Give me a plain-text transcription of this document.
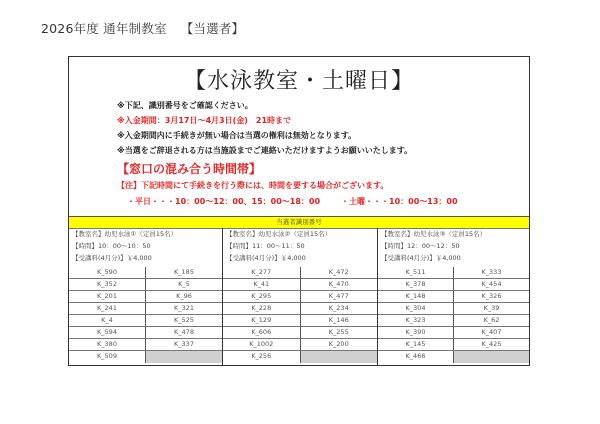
2026年度 通年制教室 【当選者】
【水泳教室・土曜日】
※下記、識別番号をご確認ください。
※入金期間：3月17日～4月3日(金)　21時まで
※入金期間内に手続きが無い場合は当選の権利は無効となります。
※当選をご辞退される方は当施設までご連絡いただけますようお願いいたします。
【窓口の混み合う時間帯】
【注】下記時間にて手続きを行う際には、時間を要する場合がございます。
・平日・・・10：00～12：00、15：00～18：00	・土曜・・・10：00～13：00
当選者識別番号
【教室名】幼児水泳①（定員15名）
【時間】10：00～10：50
【受講料(4月分)】￥4,000
K_590	K_185
K_352	K_5
K_201	K_96
K_241	K_321
K_4	K_525
K_594	K_478
K_380	K_337
K_509
【教室名】幼児水泳②（定員15名）
【時間】11：00～11：50
【受講料(4月分)】￥4,000
K_277	K_472
K_41	K_470
K_295	K_477
K_228	K_234
K_129	K_146
K_606	K_255
K_1002	K_200
K_256
【教室名】幼児水泳③（定員15名）
【時間】12：00～12：50
【受講料(4月分)】￥4,000
K_511	K_333
K_378	K_454
K_148	K_326
K_304	K_39
K_323	K_62
K_390	K_407
K_145	K_425
K_466
